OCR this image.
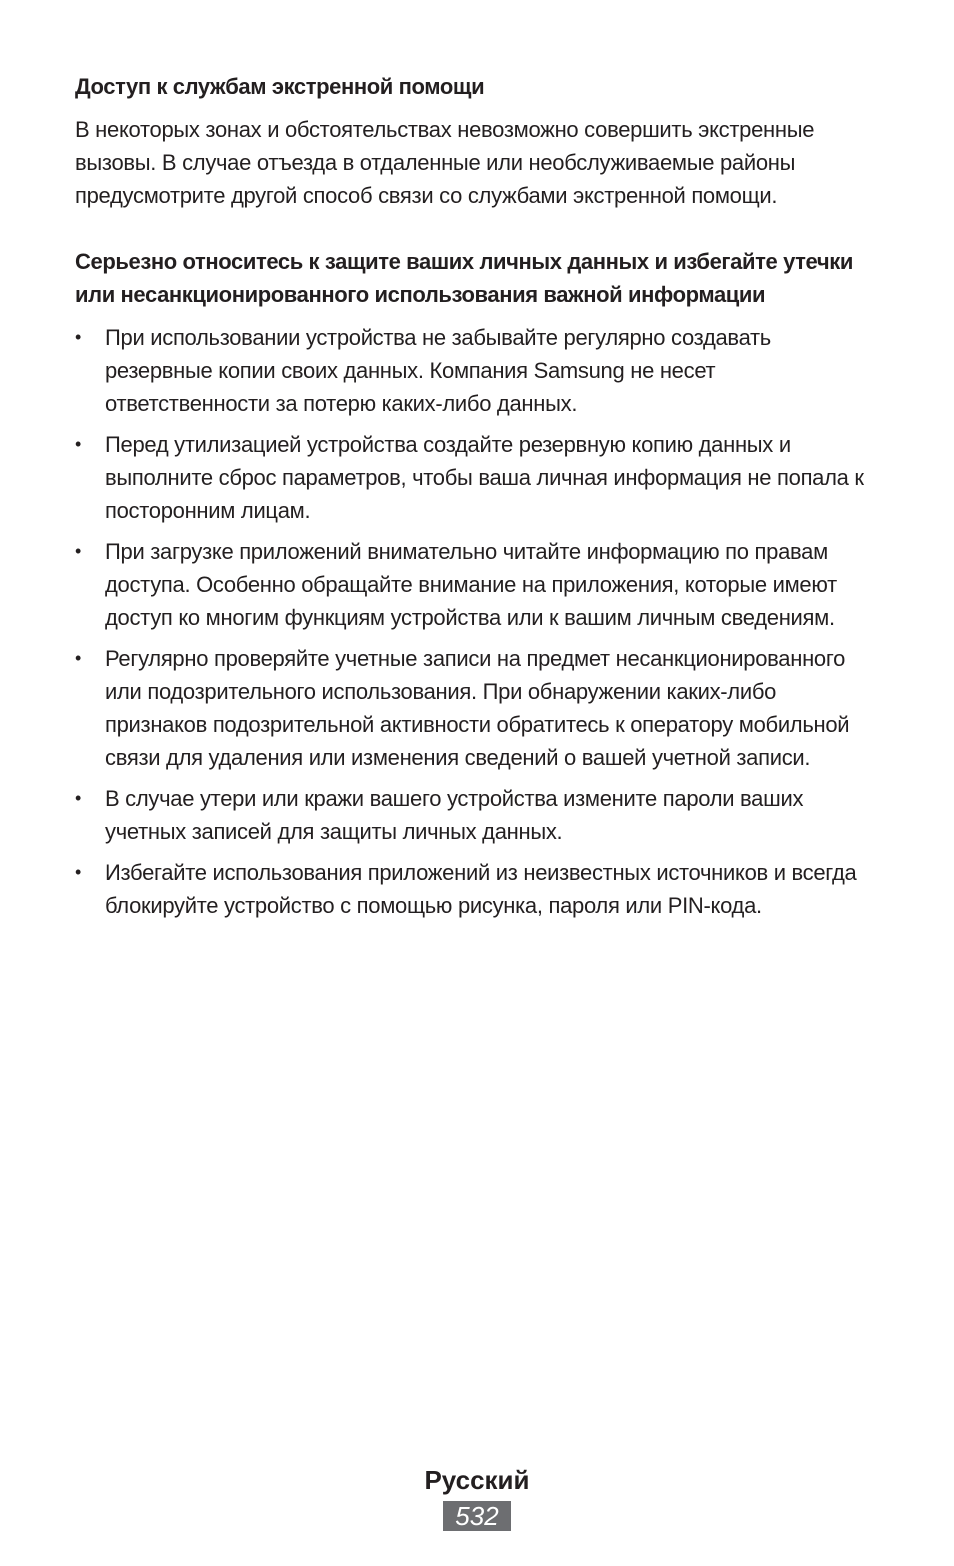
Доступ к службам экстренной помощи

В некоторых зонах и обстоятельствах невозможно совершить экстренные вызовы. В случае отъезда в отдаленные или необслуживаемые районы предусмотрите другой способ связи со службами экстренной помощи.

Серьезно относитесь к защите ваших личных данных и избегайте утечки или несанкционированного использования важной информации
• При использовании устройства не забывайте регулярно создавать резервные копии своих данных. Компания Samsung не несет ответственности за потерю каких-либо данных.
• Перед утилизацией устройства создайте резервную копию данных и выполните сброс параметров, чтобы ваша личная информация не попала к посторонним лицам.
• При загрузке приложений внимательно читайте информацию по правам доступа. Особенно обращайте внимание на приложения, которые имеют доступ ко многим функциям устройства или к вашим личным сведениям.
• Регулярно проверяйте учетные записи на предмет несанкционированного или подозрительного использования. При обнаружении каких-либо признаков подозрительной активности обратитесь к оператору мобильной связи для удаления или изменения сведений о вашей учетной записи.
• В случае утери или кражи вашего устройства измените пароли ваших учетных записей для защиты личных данных.
• Избегайте использования приложений из неизвестных источников и всегда блокируйте устройство с помощью рисунка, пароля или PIN-кода.
Русский
532
